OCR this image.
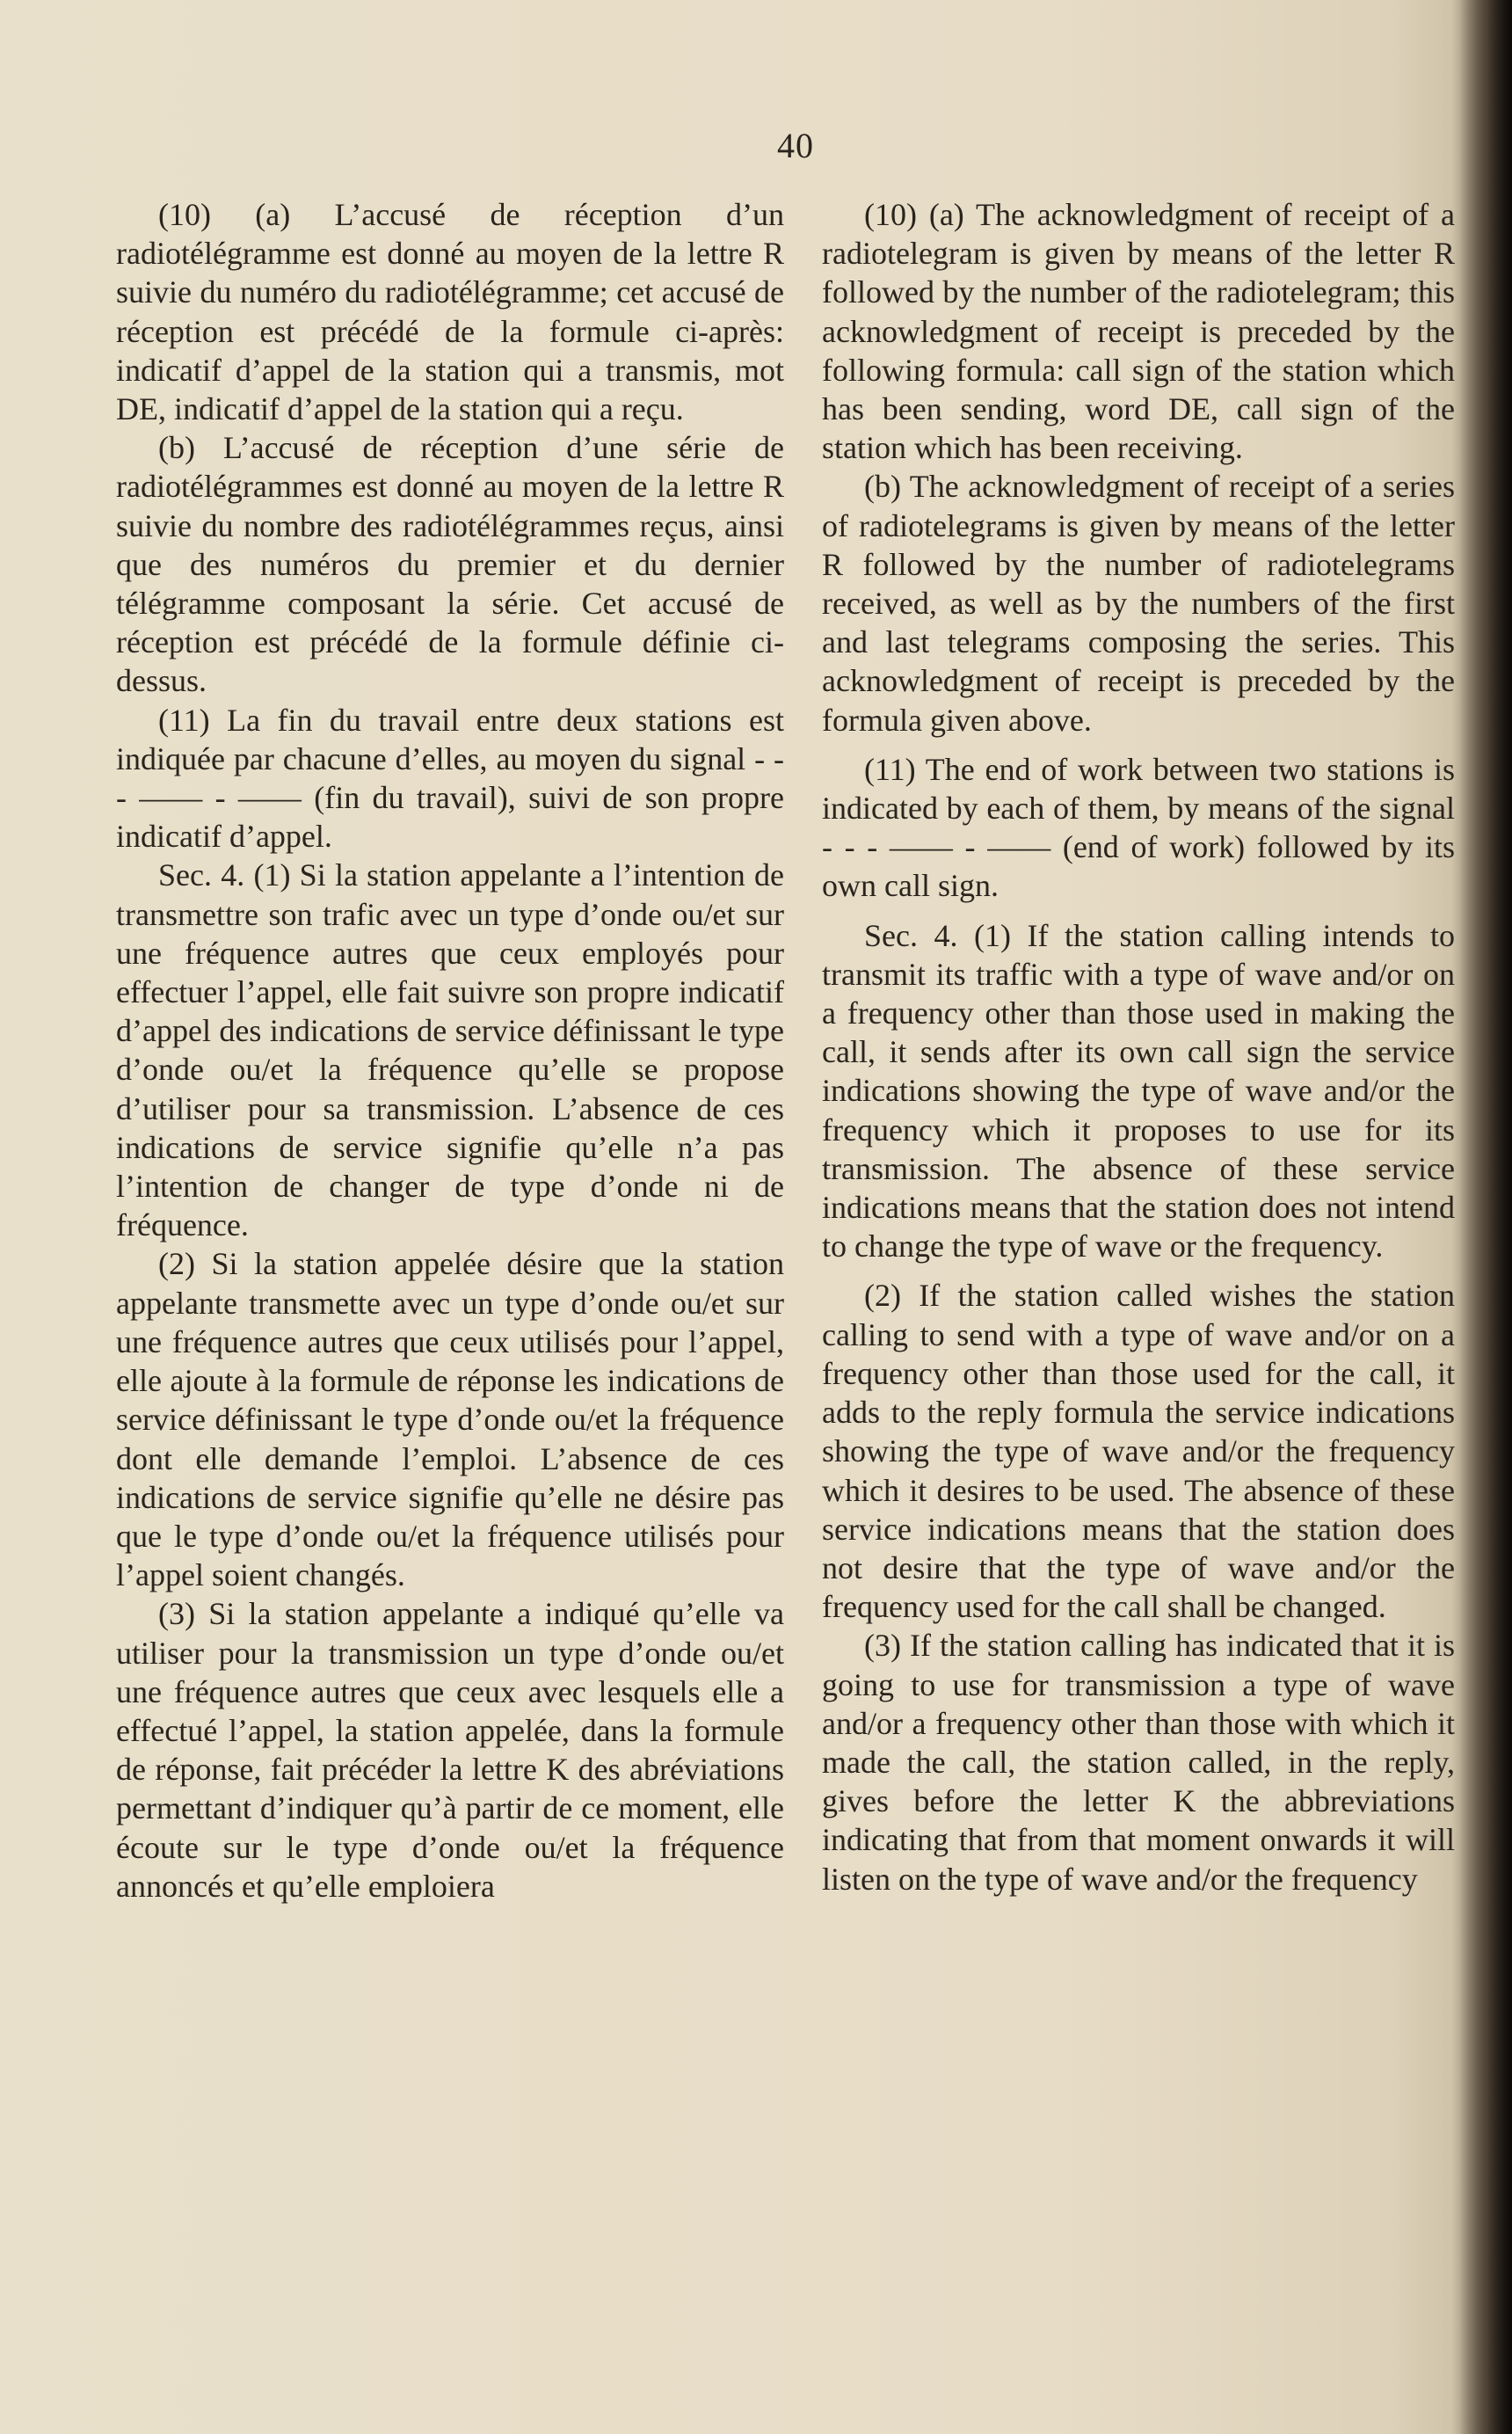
40

(10) (a) L’accusé de réception d’un radiotélégramme est donné au moyen de la lettre R suivie du numéro du radiotélégramme; cet accusé de réception est précédé de la formule ci-après: indicatif d’appel de la station qui a transmis, mot DE, indicatif d’appel de la station qui a reçu.

(b) L’accusé de réception d’une série de radiotélégrammes est donné au moyen de la lettre R suivie du nombre des radiotélégrammes reçus, ainsi que des numéros du premier et du dernier télégramme composant la série. Cet accusé de réception est précédé de la formule définie ci-dessus.

(11) La fin du travail entre deux stations est indiquée par chacune d’elles, au moyen du signal - - - —— - —— (fin du travail), suivi de son propre indicatif d’appel.

Sec. 4. (1) Si la station appelante a l’intention de transmettre son trafic avec un type d’onde ou/et sur une fréquence autres que ceux employés pour effectuer l’appel, elle fait suivre son propre indicatif d’appel des indications de service définissant le type d’onde ou/et la fréquence qu’elle se propose d’utiliser pour sa transmission. L’absence de ces indications de service signifie qu’elle n’a pas l’intention de changer de type d’onde ni de fréquence.

(2) Si la station appelée désire que la station appelante transmette avec un type d’onde ou/et sur une fréquence autres que ceux utilisés pour l’appel, elle ajoute à la formule de réponse les indications de service définissant le type d’onde ou/et la fréquence dont elle demande l’emploi. L’absence de ces indications de service signifie qu’elle ne désire pas que le type d’onde ou/et la fréquence utilisés pour l’appel soient changés.

(3) Si la station appelante a indiqué qu’elle va utiliser pour la transmission un type d’onde ou/et une fréquence autres que ceux avec lesquels elle a effectué l’appel, la station appelée, dans la formule de réponse, fait précéder la lettre K des abréviations permettant d’indiquer qu’à partir de ce moment, elle écoute sur le type d’onde ou/et la fréquence annoncés et qu’elle emploiera

(10) (a) The acknowledgment of receipt of a radiotelegram is given by means of the letter R followed by the number of the radiotelegram; this acknowledgment of receipt is preceded by the following formula: call sign of the station which has been sending, word DE, call sign of the station which has been receiving.

(b) The acknowledgment of receipt of a series of radiotelegrams is given by means of the letter R followed by the number of radiotelegrams received, as well as by the numbers of the first and last telegrams composing the series. This acknowledgment of receipt is preceded by the formula given above.

(11) The end of work between two stations is indicated by each of them, by means of the signal - - - —— - —— (end of work) followed by its own call sign.

Sec. 4. (1) If the station calling intends to transmit its traffic with a type of wave and/or on a frequency other than those used in making the call, it sends after its own call sign the service indications showing the type of wave and/or the frequency which it proposes to use for its transmission. The absence of these service indications means that the station does not intend to change the type of wave or the frequency.

(2) If the station called wishes the station calling to send with a type of wave and/or on a frequency other than those used for the call, it adds to the reply formula the service indications showing the type of wave and/or the frequency which it desires to be used. The absence of these service indications means that the station does not desire that the type of wave and/or the frequency used for the call shall be changed.

(3) If the station calling has indicated that it is going to use for transmission a type of wave and/or a frequency other than those with which it made the call, the station called, in the reply, gives before the letter K the abbreviations indicating that from that moment onwards it will listen on the type of wave and/or the frequency
